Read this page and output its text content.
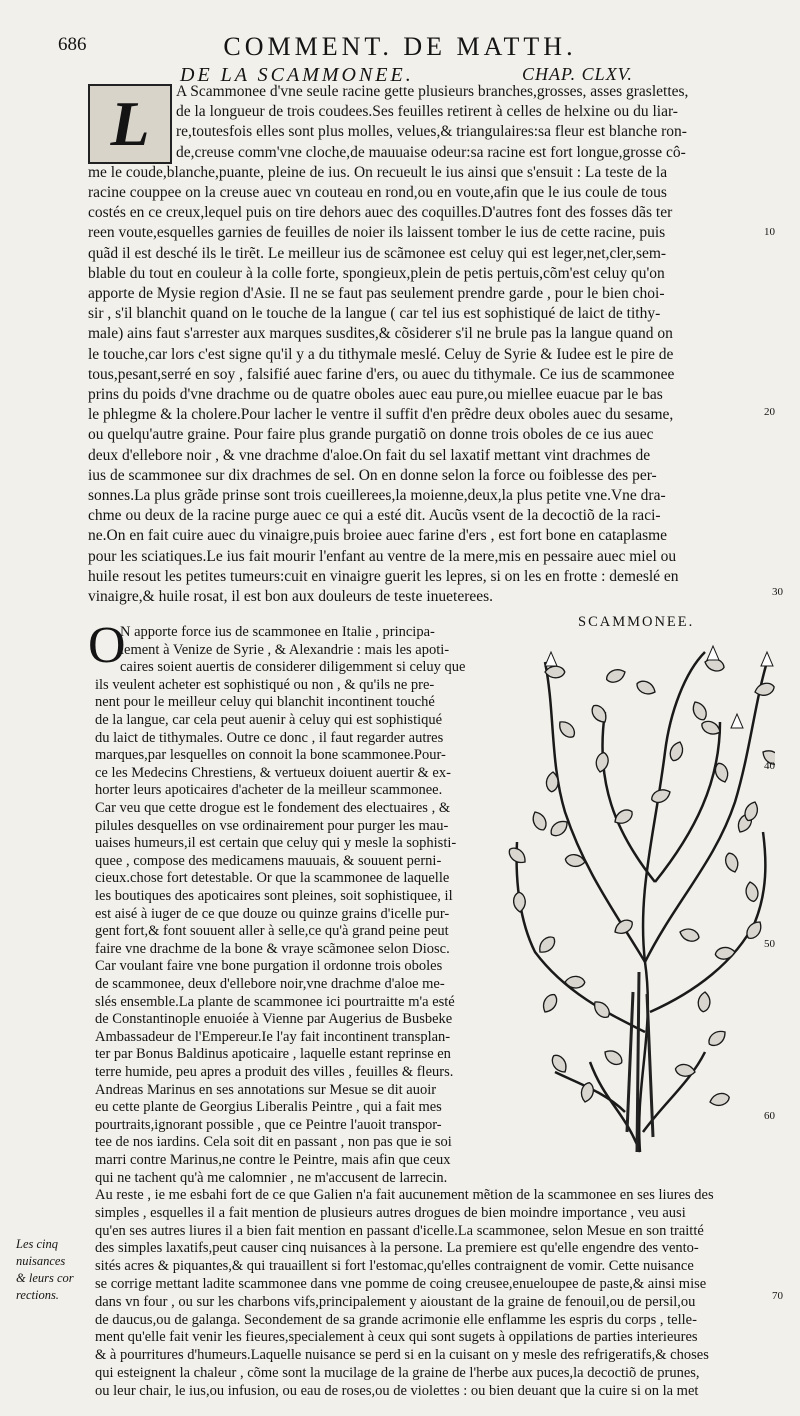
686	COMMENT. DE MATTH.
DE LA SCAMMONEE.	CHAP. CLXV.
L
O
A Scammonee d'vne seule racine gette plusieurs branches,grosses, asses graslettes,
de la longueur de trois coudees.Ses feuilles retirent à celles de helxine ou du liar-
re,toutesfois elles sont plus molles, velues,& triangulaires:sa fleur est blanche ron-
de,creuse comm'vne cloche,de mauuaise odeur:sa racine est fort longue,grosse cô-
me le coude,blanche,puante, pleine de ius. On recueult le ius ainsi que s'ensuit : La teste de la
racine couppee on la creuse auec vn couteau en rond,ou en voute,afin que le ius coule de tous
costés en ce creux,lequel puis on tire dehors auec des coquilles.D'autres font des fosses dãs ter
reen voute,esquelles garnies de feuilles de noier ils laissent tomber le ius de cette racine, puis
quãd il est desché ils le tirẽt. Le meilleur ius de scãmonee est celuy qui est leger,net,cler,sem-
blable du tout en couleur à la colle forte, spongieux,plein de petis pertuis,cõm'est celuy qu'on
apporte de Mysie region d'Asie. Il ne se faut pas seulement prendre garde , pour le bien choi-
sir , s'il blanchit quand on le touche de la langue ( car tel ius est sophistiqué de laict de tithy-
male) ains faut s'arrester aux marques susdites,& cõsiderer s'il ne brule pas la langue quand on
le touche,car lors c'est signe qu'il y a du tithymale meslé. Celuy de Syrie & Iudee est le pire de
tous,pesant,serré en soy , falsifié auec farine d'ers, ou auec du tithymale. Ce ius de scammonee
prins du poids d'vne drachme ou de quatre oboles auec eau pure,ou miellee euacue par le bas
le phlegme & la cholere.Pour lacher le ventre il suffit d'en prẽdre deux oboles auec du sesame,
ou quelqu'autre graine. Pour faire plus grande purgatiõ on donne trois oboles de ce ius auec
deux d'ellebore noir , & vne drachme d'aloe.On fait du sel laxatif mettant vint drachmes de
ius de scammonee sur dix drachmes de sel. On en donne selon la force ou foiblesse des per-
sonnes.La plus grãde prinse sont trois cueillerees,la moienne,deux,la plus petite vne.Vne dra-
chme ou deux de la racine purge auec ce qui a esté dit. Aucũs vsent de la decoctiõ de la raci-
ne.On en fait cuire auec du vinaigre,puis broiee auec farine d'ers , est fort bone en cataplasme
pour les sciatiques.Le ius fait mourir l'enfant au ventre de la mere,mis en pessaire auec miel ou
huile resout les petites tumeurs:cuit en vinaigre guerit les lepres, si on les en frotte : demeslé en
vinaigre,& huile rosat, il est bon aux douleurs de teste inueterees.
N apporte force ius de scammonee en Italie , principa-
lement à Venize de Syrie , & Alexandrie : mais les apoti-
caires soient auertis de considerer diligemment si celuy que
ils veulent acheter est sophistiqué ou non , & qu'ils ne pre-
nent pour le meilleur celuy qui blanchit incontinent touché
de la langue, car cela peut auenir à celuy qui est sophistiqué
du laict de tithymales. Outre ce donc , il faut regarder autres
marques,par lesquelles on connoit la bone scammonee.Pour-
ce les Medecins Chrestiens, & vertueux doiuent auertir & ex-
horter leurs apoticaires d'acheter de la meilleur scammonee.
Car veu que cette drogue est le fondement des electuaires , &
pilules desquelles on vse ordinairement pour purger les mau-
uaises humeurs,il est certain que celuy qui y mesle la sophisti-
quee , compose des medicamens mauuais, & souuent perni-
cieux.chose fort detestable. Or que la scammonee de laquelle
les boutiques des apoticaires sont pleines, soit sophistiquee, il
est aisé à iuger de ce que douze ou quinze grains d'icelle pur-
gent fort,& font souuent aller à selle,ce qu'à grand peine peut
faire vne drachme de la bone & vraye scãmonee selon Diosc.
Car voulant faire vne bone purgation il ordonne trois oboles
de scammonee, deux d'ellebore noir,vne drachme d'aloe me-
slés ensemble.La plante de scammonee ici pourtraitte m'a esté
de Constantinople enuoiée à Vienne par Augerius de Busbeke
Ambassadeur de l'Empereur.Ie l'ay fait incontinent transplan-
ter par Bonus Baldinus apoticaire , laquelle estant reprinse en
terre humide, peu apres a produit des villes , feuilles & fleurs.
Andreas Marinus en ses annotations sur Mesue se dit auoir
eu cette plante de Georgius Liberalis Peintre , qui a fait mes
pourtraits,ignorant possible , que ce Peintre l'auoit transpor-
tee de nos iardins. Cela soit dit en passant , non pas que ie soi
marri contre Marinus,ne contre le Peintre, mais afin que ceux
qui ne tachent qu'à me calomnier , ne m'accusent de larrecin.
Au reste , ie me esbahi fort de ce que Galien n'a fait aucunement mẽtion de la scammonee en ses liures des
simples , esquelles il a fait mention de plusieurs autres drogues de bien moindre importance , veu ausi
qu'en ses autres liures il a bien fait mention en passant d'icelle.La scammonee, selon Mesue en son traitté
des simples laxatifs,peut causer cinq nuisances à la persone. La premiere est qu'elle engendre des vento-
sités acres & piquantes,& qui trauaillent si fort l'estomac,qu'elles contraignent de vomir. Cette nuisance
se corrige mettant ladite scammonee dans vne pomme de coing creusee,enueloupee de paste,& ainsi mise
dans vn four , ou sur les charbons vifs,principalement y aioustant de la graine de fenouil,ou de persil,ou
de daucus,ou de galanga. Secondement de sa grande acrimonie elle enflamme les espris du corps , telle-
ment qu'elle fait venir les fieures,specialement à ceux qui sont sugets à oppilations de parties interieures
& à pourritures d'humeurs.Laquelle nuisance se perd si en la cuisant on y mesle des refrigeratifs,& choses
qui esteignent la chaleur , cõme sont la mucilage de la graine de l'herbe aux puces,la decoctiõ de prunes,
ou leur chair, le ius,ou infusion, ou eau de roses,ou de violettes : ou bien deuant que la cuire si on la met
SCAMMONEE.
10
20
30
40
50
60
70
Les cinq
nuisances
& leurs cor
rections.
